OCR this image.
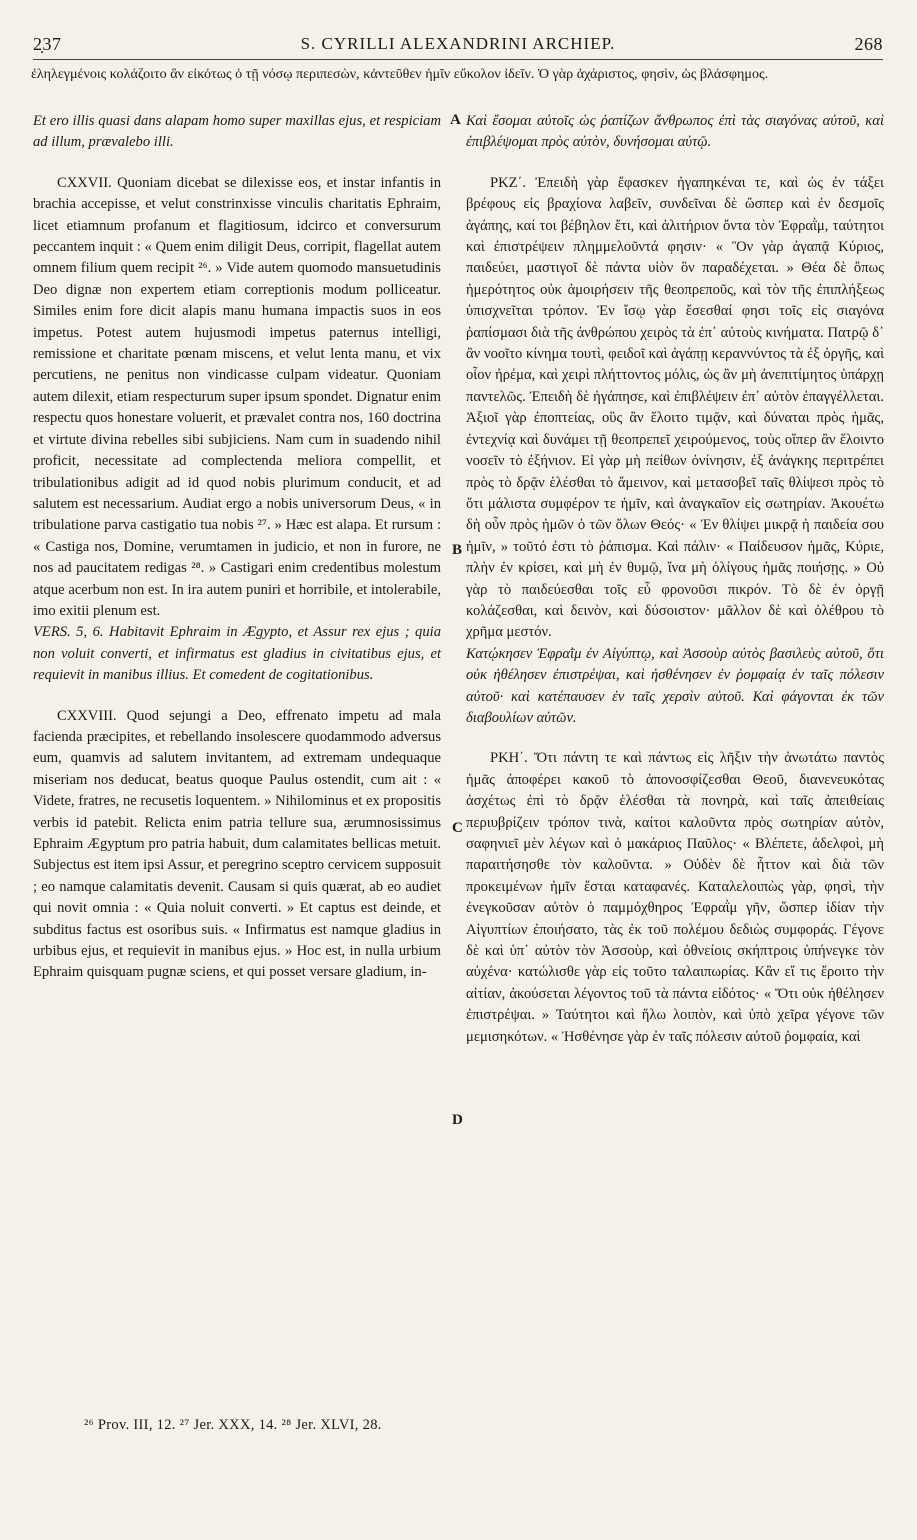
2̣37	S. CYRILLI ALEXANDRINI ARCHIEP.	268
ἐληλεγμένοις κολάζοιτο ἂν εἰκότως ὁ τῇ νόσῳ περιπεσὼν, κἀντεῦθεν ἡμῖν εὔκολον ἰδεῖν. Ὁ γὰρ ἀχάριστος, φησὶν, ὡς βλάσφημος.

Et ero illis quasi dans alapam homo super maxillas ejus, et respiciam ad illum, prævalebo illi.

CXXVII. Quoniam dicebat se dilexisse eos, et instar infantis in brachia accepisse, et velut constrinxisse vinculis charitatis Ephraim, licet etiamnum profanum et flagitiosum, idcirco et conversurum peccantem inquit : « Quem enim diligit Deus, corripit, flagellat autem omnem filium quem recipit ²⁶. » Vide autem quomodo mansuetudinis Deo dignæ non expertem etiam correptionis modum polliceatur. Similes enim fore dicit alapis manu humana impactis suos in eos impetus. Potest autem hujusmodi impetus paternus intelligi, remissione et charitate pœnam miscens, et velut lenta manu, et vix percutiens, ne penitus non vindicasse culpam videatur. Quoniam autem dilexit, etiam respecturum super ipsum spondet. Dignatur enim respectu quos honestare voluerit, et prævalet contra nos, 160 doctrina et virtute divina rebelles sibi subjiciens. Nam cum in suadendo nihil proficit, necessitate ad complectenda meliora compellit, et tribulationibus adigit ad id quod nobis plurimum conducit, et ad salutem est necessarium. Audiat ergo a nobis universorum Deus, « in tribulatione parva castigatio tua nobis ²⁷. » Hæc est alapa. Et rursum : « Castiga nos, Domine, verumtamen in judicio, et non in furore, ne nos ad paucitatem redigas ²⁸. » Castigari enim credentibus molestum atque acerbum non est. In ira autem puniri et horribile, et intolerabile, imo exitii plenum est.

VERS. 5, 6. Habitavit Ephraim in Ægypto, et Assur rex ejus ; quia non voluit converti, et infirmatus est gladius in civitatibus ejus, et requievit in manibus illius. Et comedent de cogitationibus.

CXXVIII. Quod sejungi a Deo, effrenato impetu ad mala facienda præcipites, et rebellando insolescere quodammodo adversus eum, quamvis ad salutem invitantem, ad extremam undequaque miseriam nos deducat, beatus quoque Paulus ostendit, cum ait : « Videte, fratres, ne recusetis loquentem. » Nihilominus et ex propositis verbis id patebit. Relicta enim patria tellure sua, ærumnosissimus Ephraim Ægyptum pro patria habuit, dum calamitates bellicas metuit. Subjectus est item ipsi Assur, et peregrino sceptro cervicem supposuit ; eo namque calamitatis devenit. Causam si quis quærat, ab eo audiet qui novit omnia : « Quia noluit converti. » Et captus est deinde, et subditus factus est osoribus suis. « Infirmatus est namque gladius in urbibus ejus, et requievit in manibus ejus. » Hoc est, in nulla urbium Ephraim quisquam pugnæ sciens, et qui posset versare gladium, in-

Καὶ ἔσομαι αὐτοῖς ὡς ῥαπίζων ἄνθρωπος ἐπὶ τὰς σιαγόνας αὐτοῦ, καὶ ἐπιβλέψομαι πρὸς αὐτὸν, δυνήσομαι αὐτῷ.

ΡΚΖ΄. Ἐπειδὴ γὰρ ἔφασκεν ἠγαπηκέναι τε, καὶ ὡς ἐν τάξει βρέφους εἰς βραχίονα λαβεῖν, συνδεῖναι δὲ ὥσπερ καὶ ἐν δεσμοῖς ἀγάπης, καί τοι βέβηλον ἔτι, καὶ ἀλιτήριον ὄντα τὸν Ἐφραῒμ, ταύτητοι καὶ ἐπιστρέψειν πλημμελοῦντά φησιν· « Ὃν γὰρ ἀγαπᾷ Κύριος, παιδεύει, μαστιγοῖ δὲ πάντα υἱὸν ὃν παραδέχεται. » Θέα δὲ ὅπως ἡμερότητος οὐκ ἀμοιρήσειν τῆς θεοπρεποῦς, καὶ τὸν τῆς ἐπιπλήξεως ὑπισχνεῖται τρόπον. Ἐν ἴσῳ γὰρ ἔσεσθαί φησι τοῖς εἰς σιαγόνα ῥαπίσμασι διὰ τῆς ἀνθρώπου χειρὸς τὰ ἐπ᾽ αὐτοὺς κινήματα. Πατρῷ δ᾽ ἂν νοοῖτο κίνημα τουτὶ, φειδοῖ καὶ ἀγάπῃ κεραννύντος τὰ ἐξ ὀργῆς, καὶ οἷον ἠρέμα, καὶ χειρὶ πλήττοντος μόλις, ὡς ἂν μὴ ἀνεπιτίμητος ὑπάρχῃ παντελῶς. Ἐπειδὴ δὲ ἠγάπησε, καὶ ἐπιβλέψειν ἐπ᾽ αὐτὸν ἐπαγγέλλεται. Ἀξιοῖ γὰρ ἐποπτείας, οὓς ἂν ἕλοιτο τιμᾷν, καὶ δύναται πρὸς ἡμᾶς, ἐντεχνίᾳ καὶ δυνάμει τῇ θεοπρεπεῖ χειρούμενος, τοὺς οἵπερ ἂν ἕλοιντο νοσεῖν τὸ ἐξήνιον. Εἰ γὰρ μὴ πείθων ὀνίνησιν, ἐξ ἀνάγκης περιτρέπει πρὸς τὸ δρᾷν ἑλέσθαι τὸ ἄμεινον, καὶ μετασοβεῖ ταῖς θλίψεσι πρὸς τὸ ὅτι μάλιστα συμφέρον τε ἡμῖν, καὶ ἀναγκαῖον εἰς σωτηρίαν. Ἀκουέτω δὴ οὖν πρὸς ἡμῶν ὁ τῶν ὅλων Θεός· « Ἐν θλίψει μικρᾷ ἡ παιδεία σου ἡμῖν, » τοῦτό ἐστι τὸ ῥάπισμα. Καὶ πάλιν· « Παίδευσον ἡμᾶς, Κύριε, πλὴν ἐν κρίσει, καὶ μὴ ἐν θυμῷ, ἵνα μὴ ὀλίγους ἡμᾶς ποιήσῃς. » Οὐ γὰρ τὸ παιδεύεσθαι τοῖς εὖ φρονοῦσι πικρόν. Τὸ δὲ ἐν ὀργῇ κολάζεσθαι, καὶ δεινὸν, καὶ δύσοιστον· μᾶλλον δὲ καὶ ὀλέθρου τὸ χρῆμα μεστόν.

Κατῴκησεν Ἐφραῒμ ἐν Αἰγύπτῳ, καὶ Ἀσσοὺρ αὐτὸς βασιλεὺς αὐτοῦ, ὅτι οὐκ ἠθέλησεν ἐπιστρέψαι, καὶ ἠσθένησεν ἐν ῥομφαίᾳ ἐν ταῖς πόλεσιν αὐτοῦ· καὶ κατέπαυσεν ἐν ταῖς χερσὶν αὐτοῦ. Καὶ φάγονται ἐκ τῶν διαβουλίων αὐτῶν.

ΡΚΗ΄. Ὅτι πάντη τε καὶ πάντως εἰς λῆξιν τὴν ἀνωτάτω παντὸς ἡμᾶς ἀποφέρει κακοῦ τὸ ἀπονοσφίζεσθαι Θεοῦ, διανενευκότας ἀσχέτως ἐπὶ τὸ δρᾷν ἑλέσθαι τὰ πονηρὰ, καὶ ταῖς ἀπειθείαις περιυβρίζειν τρόπον τινὰ, καίτοι καλοῦντα πρὸς σωτηρίαν αὐτὸν, σαφηνιεῖ μὲν λέγων καὶ ὁ μακάριος Παῦλος· « Βλέπετε, ἀδελφοὶ, μὴ παραιτήσησθε τὸν καλοῦντα. » Οὐδὲν δὲ ἧττον καὶ διὰ τῶν προκειμένων ἡμῖν ἔσται καταφανές. Καταλελοιπὼς γὰρ, φησὶ, τὴν ἐνεγκοῦσαν αὐτὸν ὁ παμμόχθηρος Ἐφραῒμ γῆν, ὥσπερ ἰδίαν τὴν Αἰγυπτίων ἐποιήσατο, τὰς ἐκ τοῦ πολέμου δεδιὼς συμφοράς. Γέγονε δὲ καὶ ὑπ᾽ αὐτὸν τὸν Ἀσσοὺρ, καὶ ὀθνείοις σκήπτροις ὑπήνεγκε τὸν αὐχένα· κατώλισθε γὰρ εἰς τοῦτο ταλαιπωρίας. Κἂν εἴ τις ἔροιτο τὴν αἰτίαν, ἀκούσεται λέγοντος τοῦ τὰ πάντα εἰδότος· « Ὅτι οὐκ ἠθέλησεν ἐπιστρέψαι. » Ταύτητοι καὶ ἥλω λοιπὸν, καὶ ὑπὸ χεῖρα γέγονε τῶν μεμισηκότων. « Ἠσθένησε γὰρ ἐν ταῖς πόλεσιν αὐτοῦ ῥομφαία, καὶ

A
B
C
D
²⁶ Prov. III, 12. ²⁷ Jer. XXX, 14. ²⁸ Jer. XLVI, 28.
